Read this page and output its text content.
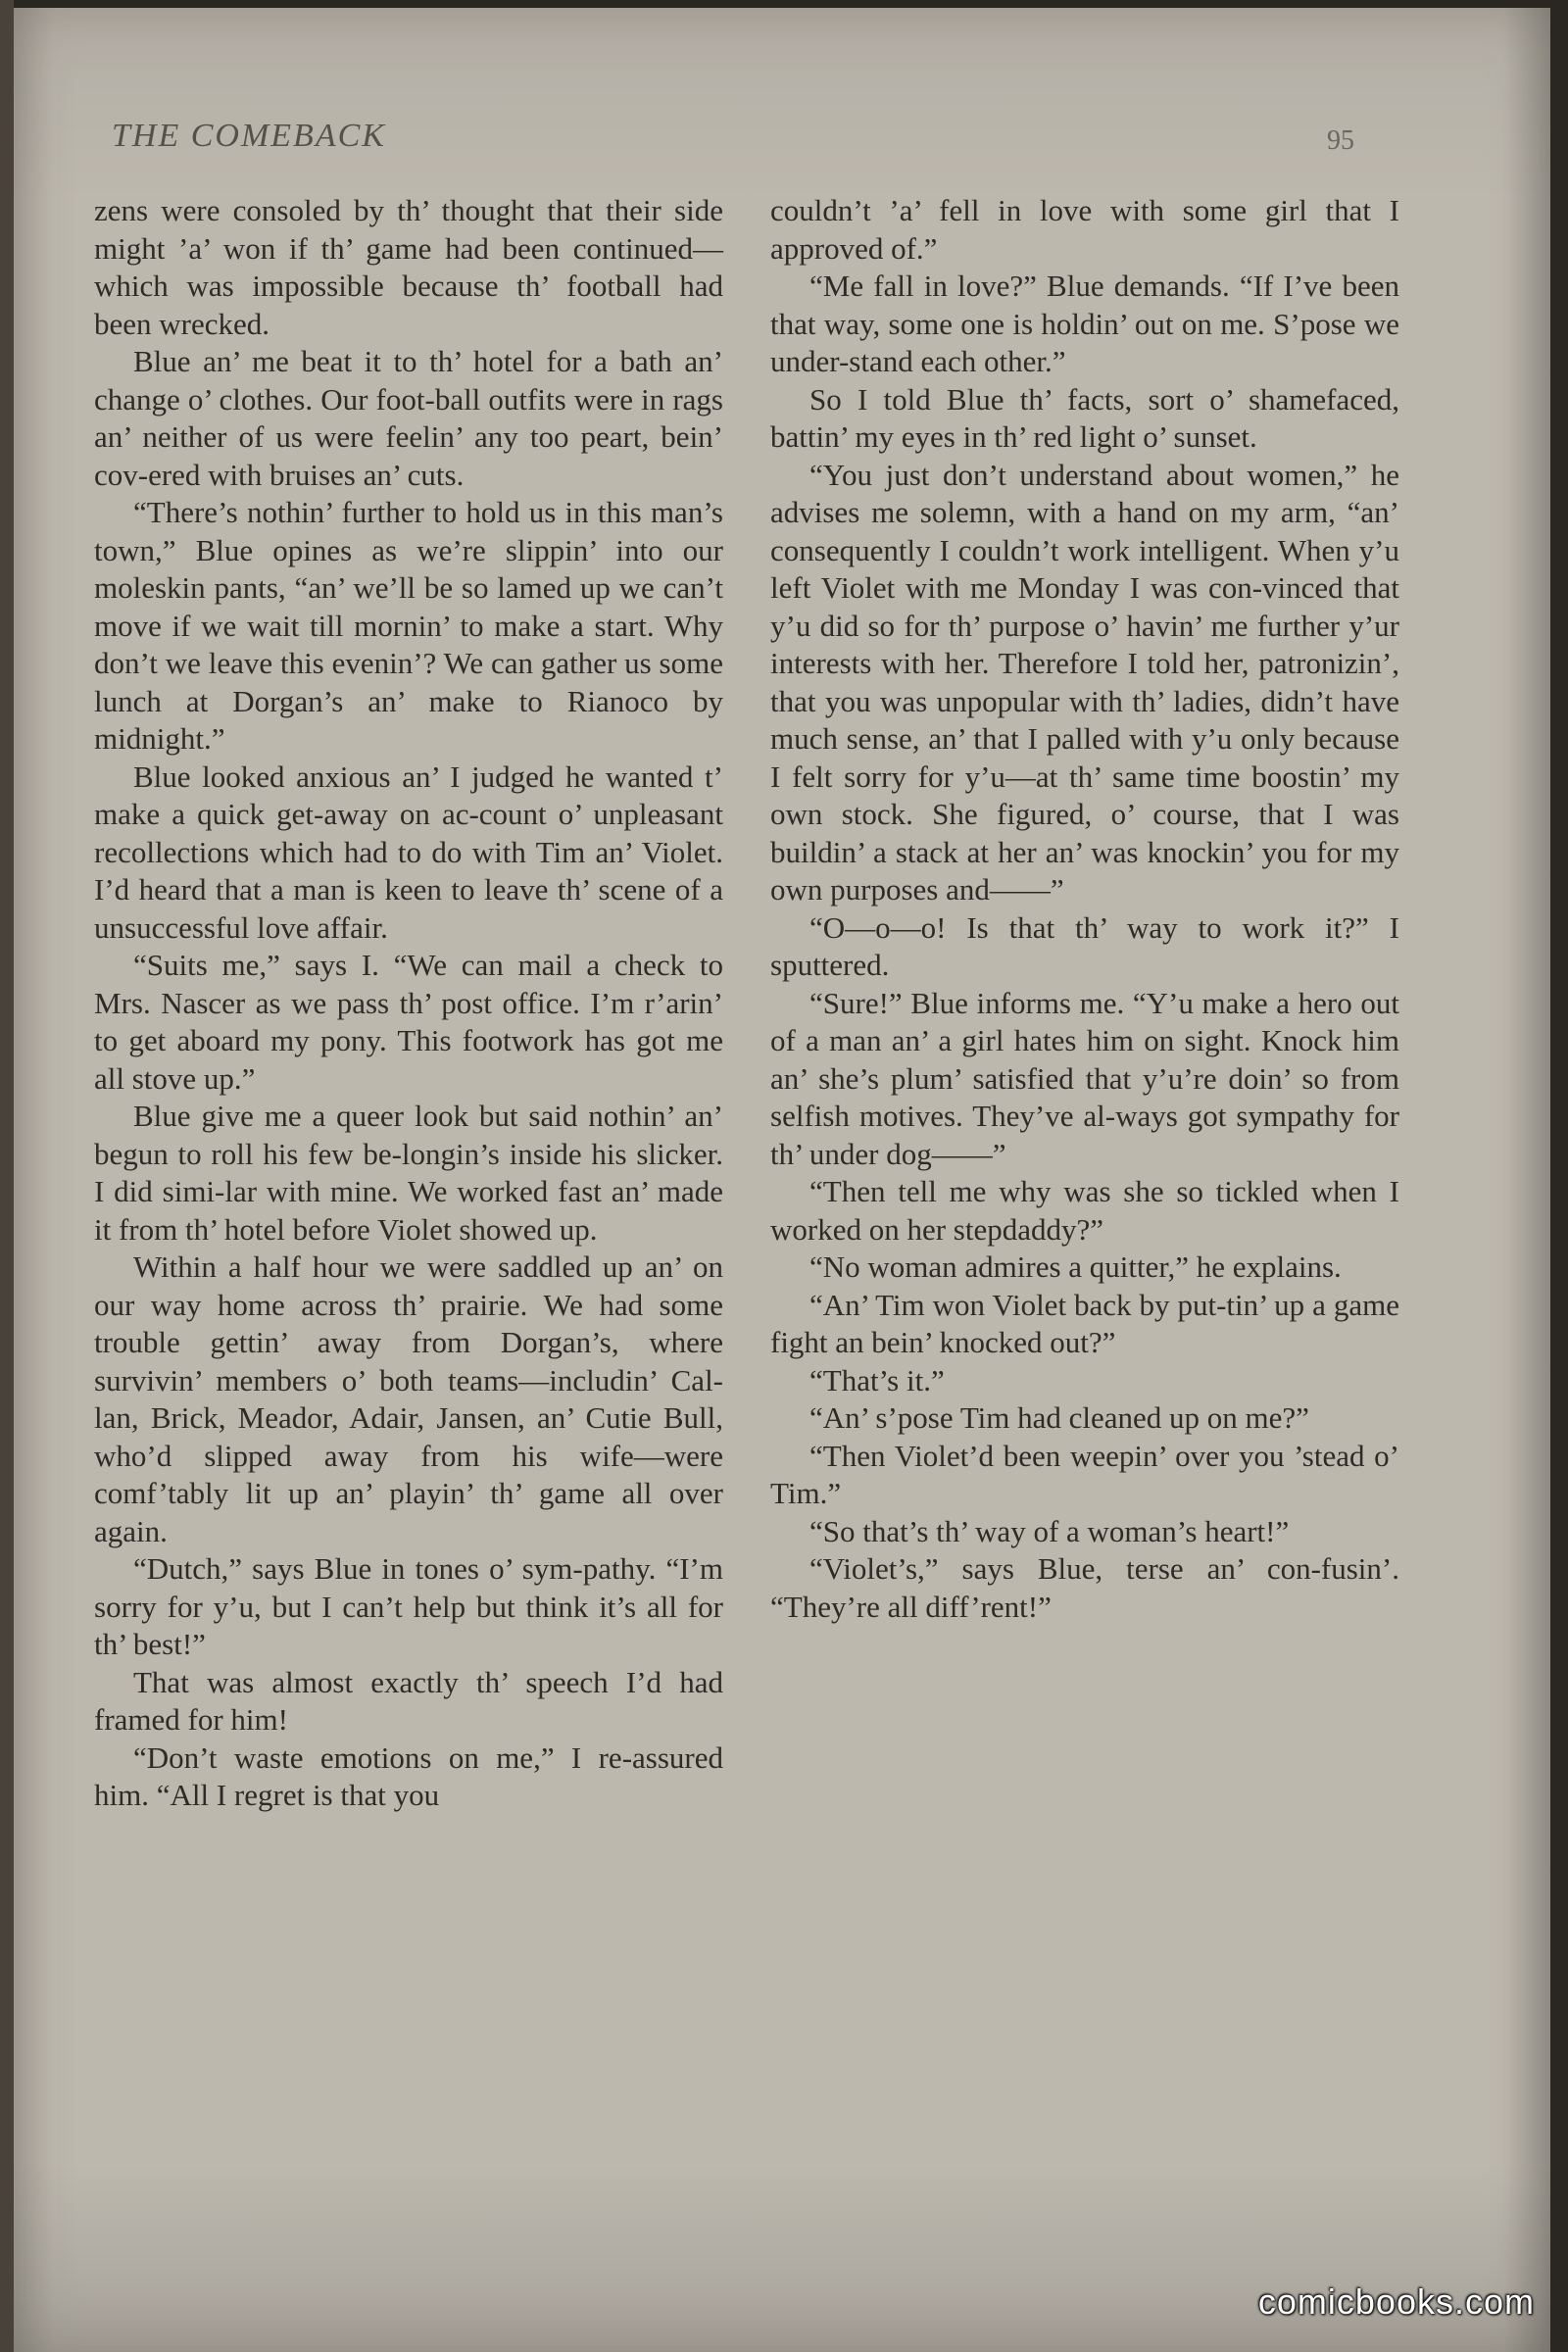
THE COMEBACK	95

zens were consoled by th’ thought that their side might ’a’ won if th’ game had been continued—which was impossible because th’ football had been wrecked.

Blue an’ me beat it to th’ hotel for a bath an’ change o’ clothes. Our foot-ball outfits were in rags an’ neither of us were feelin’ any too peart, bein’ cov-ered with bruises an’ cuts.

“There’s nothin’ further to hold us in this man’s town,” Blue opines as we’re slippin’ into our moleskin pants, “an’ we’ll be so lamed up we can’t move if we wait till mornin’ to make a start. Why don’t we leave this evenin’? We can gather us some lunch at Dorgan’s an’ make to Rianoco by midnight.”

Blue looked anxious an’ I judged he wanted t’ make a quick get-away on ac-count o’ unpleasant recollections which had to do with Tim an’ Violet. I’d heard that a man is keen to leave th’ scene of a unsuccessful love affair.

“Suits me,” says I. “We can mail a check to Mrs. Nascer as we pass th’ post office. I’m r’arin’ to get aboard my pony. This footwork has got me all stove up.”

Blue give me a queer look but said nothin’ an’ begun to roll his few be-longin’s inside his slicker. I did simi-lar with mine. We worked fast an’ made it from th’ hotel before Violet showed up.

Within a half hour we were saddled up an’ on our way home across th’ prairie. We had some trouble gettin’ away from Dorgan’s, where survivin’ members o’ both teams—includin’ Cal-lan, Brick, Meador, Adair, Jansen, an’ Cutie Bull, who’d slipped away from his wife—were comf’tably lit up an’ playin’ th’ game all over again.

“Dutch,” says Blue in tones o’ sym-pathy. “I’m sorry for y’u, but I can’t help but think it’s all for th’ best!”

That was almost exactly th’ speech I’d had framed for him!

“Don’t waste emotions on me,” I re-assured him. “All I regret is that you

couldn’t ’a’ fell in love with some girl that I approved of.”

“Me fall in love?” Blue demands. “If I’ve been that way, some one is holdin’ out on me. S’pose we under-stand each other.”

So I told Blue th’ facts, sort o’ shamefaced, battin’ my eyes in th’ red light o’ sunset.

“You just don’t understand about women,” he advises me solemn, with a hand on my arm, “an’ consequently I couldn’t work intelligent. When y’u left Violet with me Monday I was con-vinced that y’u did so for th’ purpose o’ havin’ me further y’ur interests with her. Therefore I told her, patronizin’, that you was unpopular with th’ ladies, didn’t have much sense, an’ that I palled with y’u only because I felt sorry for y’u—at th’ same time boostin’ my own stock. She figured, o’ course, that I was buildin’ a stack at her an’ was knockin’ you for my own purposes and——”

“O—o—o! Is that th’ way to work it?” I sputtered.

“Sure!” Blue informs me. “Y’u make a hero out of a man an’ a girl hates him on sight. Knock him an’ she’s plum’ satisfied that y’u’re doin’ so from selfish motives. They’ve al-ways got sympathy for th’ under dog——”

“Then tell me why was she so tickled when I worked on her stepdaddy?”

“No woman admires a quitter,” he explains.

“An’ Tim won Violet back by put-tin’ up a game fight an bein’ knocked out?”

“That’s it.”

“An’ s’pose Tim had cleaned up on me?”

“Then Violet’d been weepin’ over you ’stead o’ Tim.”

“So that’s th’ way of a woman’s heart!”

“Violet’s,” says Blue, terse an’ con-fusin’. “They’re all diff’rent!”

comicbooks.com
